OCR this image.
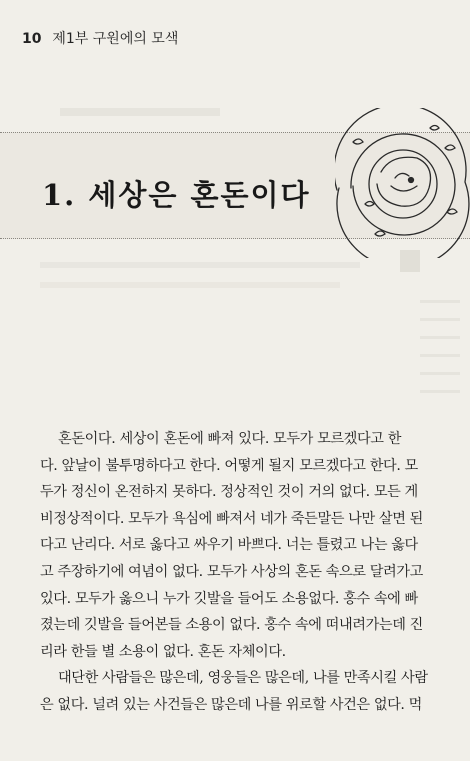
10 제1부 구원에의 모색
1. 세상은 혼돈이다

혼돈이다. 세상이 혼돈에 빠져 있다. 모두가 모르겠다고 한
다. 앞날이 불투명하다고 한다. 어떻게 될지 모르겠다고 한다. 모
두가 정신이 온전하지 못하다. 정상적인 것이 거의 없다. 모든 게
비정상적이다. 모두가 욕심에 빠져서 네가 죽든말든 나만 살면 된
다고 난리다. 서로 옳다고 싸우기 바쁘다. 너는 틀렸고 나는 옳다
고 주장하기에 여념이 없다. 모두가 사상의 혼돈 속으로 달려가고
있다. 모두가 옳으니 누가 깃발을 들어도 소용없다. 홍수 속에 빠
졌는데 깃발을 들어본들 소용이 없다. 홍수 속에 떠내려가는데 진
리라 한들 별 소용이 없다. 혼돈 자체이다.

대단한 사람들은 많은데, 영웅들은 많은데, 나를 만족시킬 사람
은 없다. 널려 있는 사건들은 많은데 나를 위로할 사건은 없다. 먹
